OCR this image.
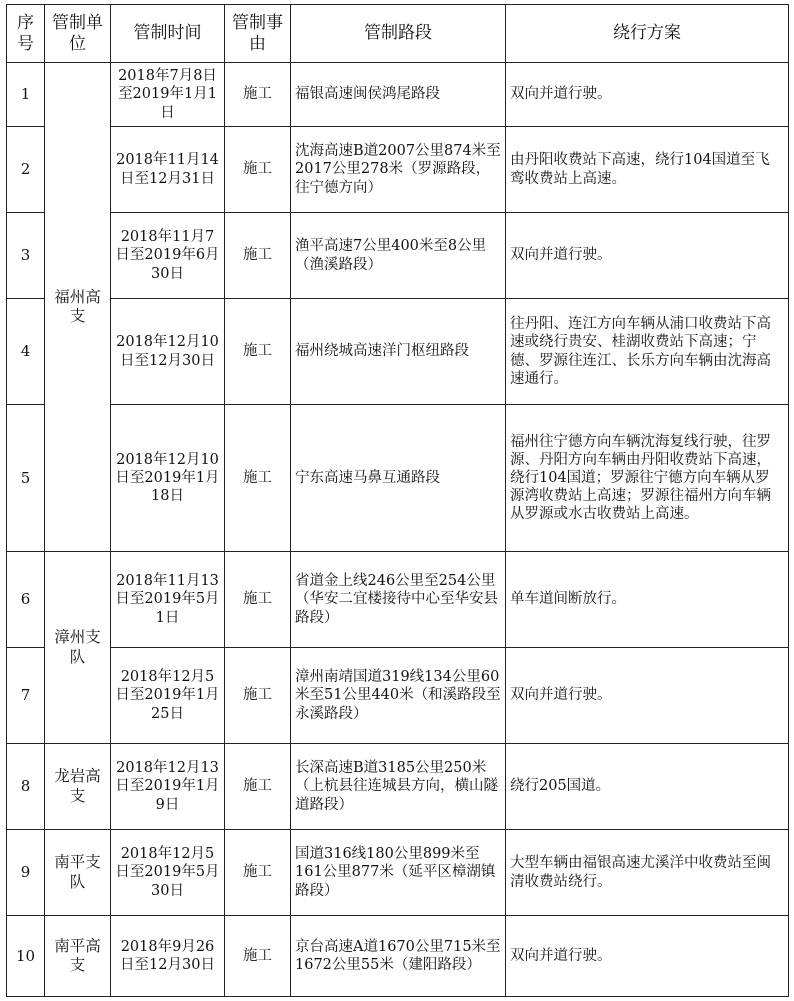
序号	管制单位	管制时间	管制事由	管制路段	绕行方案
1	福州高支	2018年7月8日至2019年1月1日	施工	福银高速闽侯鸿尾路段	双向并道行驶。
2		2018年11月14日至12月31日	施工	沈海高速B道2007公里874米至2017公里278米（罗源路段，往宁德方向）	由丹阳收费站下高速，绕行104国道至飞鸾收费站上高速。
3		2018年11月7日至2019年6月30日	施工	渔平高速7公里400米至8公里（渔溪路段）	双向并道行驶。
4		2018年12月10日至12月30日	施工	福州绕城高速洋门枢纽路段	往丹阳、连江方向车辆从浦口收费站下高速或绕行贵安、桂湖收费站下高速；宁德、罗源往连江、长乐方向车辆由沈海高速通行。
5		2018年12月10日至2019年1月18日	施工	宁东高速马鼻互通路段	福州往宁德方向车辆沈海复线行驶，往罗源、丹阳方向车辆由丹阳收费站下高速，绕行104国道；罗源往宁德方向车辆从罗源湾收费站上高速；罗源往福州方向车辆从罗源或水古收费站上高速。
6	漳州支队	2018年11月13日至2019年5月1日	施工	省道金上线246公里至254公里（华安二宜楼接待中心至华安县路段）	单车道间断放行。
7		2018年12月5日至2019年1月25日	施工	漳州南靖国道319线134公里60米至51公里440米（和溪路段至永溪路段）	双向并道行驶。
8	龙岩高支	2018年12月13日至2019年1月9日	施工	长深高速B道3185公里250米（上杭县往连城县方向，横山隧道路段）	绕行205国道。
9	南平支队	2018年12月5日至2019年5月30日	施工	国道316线180公里899米至161公里877米（延平区樟湖镇路段）	大型车辆由福银高速尤溪洋中收费站至闽清收费站绕行。
10	南平高支	2018年9月26日至12月30日	施工	京台高速A道1670公里715米至1672公里55米（建阳路段）	双向并道行驶。
